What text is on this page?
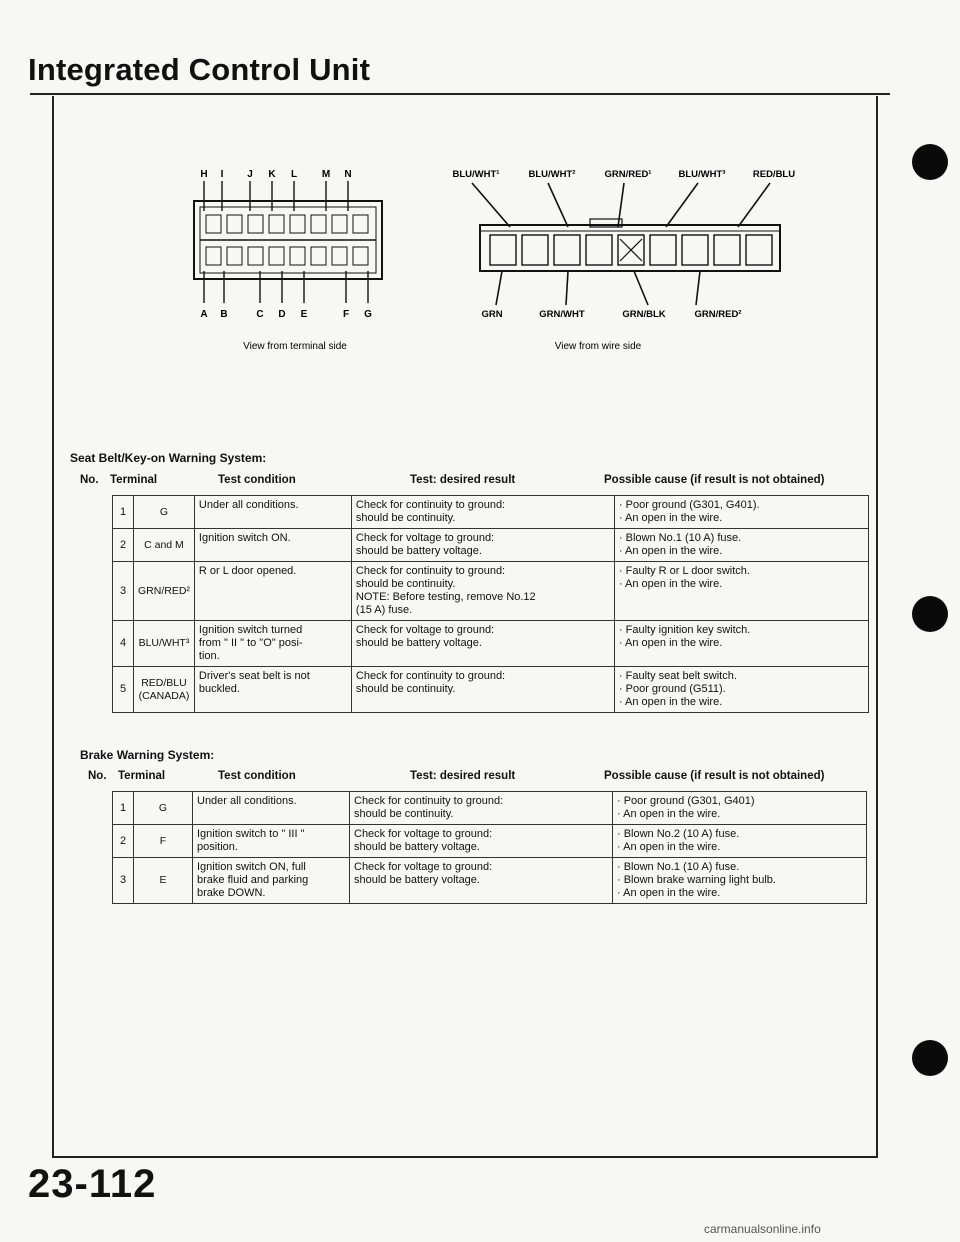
Integrated Control Unit
H I J K L M N
A B	C D E	F G
View from terminal side
BLU/WHT¹	BLU/WHT²	GRN/RED¹	BLU/WHT³	RED/BLU
GRN	GRN/WHT	GRN/BLK	GRN/RED²
View from wire side
Seat Belt/Key-on Warning System:
No. Terminal	Test condition	Test: desired result	Possible cause (if result is not obtained)
1	G	Under all conditions.	Check for continuity to ground:
should be continuity.	· Poor ground (G301, G401).
· An open in the wire.

2	C and M	Ignition switch ON.	Check for voltage to ground:
should be battery voltage.	· Blown No.1 (10 A) fuse.
· An open in the wire.

3	GRN/RED²	R or L door opened.	Check for continuity to ground:
should be continuity.
NOTE: Before testing, remove No.12
(15 A) fuse.	· Faulty R or L door switch.
· An open in the wire.

4	BLU/WHT³	Ignition switch turned
from " II " to "O" posi-
tion.	Check for voltage to ground:
should be battery voltage.	· Faulty ignition key switch.
· An open in the wire.

5	RED/BLU (CANADA)	Driver's seat belt is not
buckled.	Check for continuity to ground:
should be continuity.	· Faulty seat belt switch.
· Poor ground (G511).
· An open in the wire.
Brake Warning System:
No. Terminal	Test condition	Test: desired result	Possible cause (if result is not obtained)
1	G	Under all conditions.	Check for continuity to ground:
should be continuity.	· Poor ground (G301, G401)
· An open in the wire.

2	F	Ignition switch to " III "
position.	Check for voltage to ground:
should be battery voltage.	· Blown No.2 (10 A) fuse.
· An open in the wire.

3	E	Ignition switch ON, full
brake fluid and parking
brake DOWN.	Check for voltage to ground:
should be battery voltage.	· Blown No.1 (10 A) fuse.
· Blown brake warning light bulb.
· An open in the wire.
23-112
carmanualsonline.info
